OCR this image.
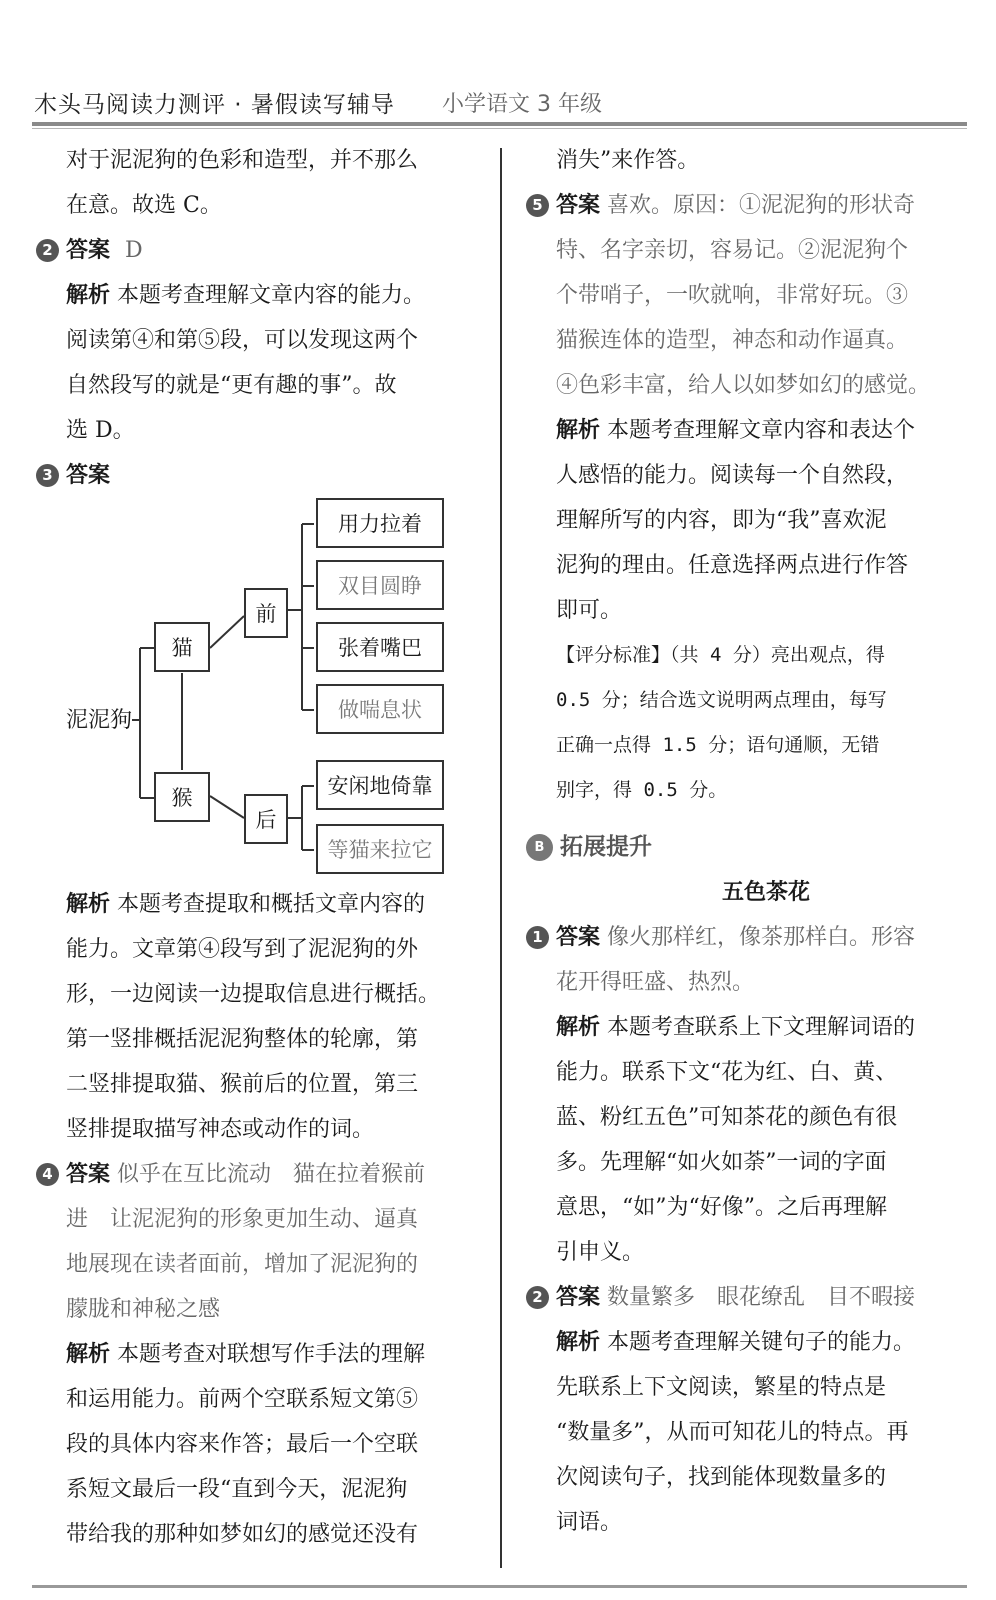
木头马阅读力测评 · 暑假读写辅导 小学语文 3 年级
对于泥泥狗的色彩和造型，并不那么
在意。故选 C。
2 答案 D
解析 本题考查理解文章内容的能力。
阅读第④和第⑤段，可以发现这两个
自然段写的就是“更有趣的事”。故
选 D。
3 答案
泥泥狗
猫
猴
前
后
用力拉着
双目圆睁
张着嘴巴
做喘息状
安闲地倚靠
等猫来拉它
解析 本题考查提取和概括文章内容的
能力。文章第④段写到了泥泥狗的外
形，一边阅读一边提取信息进行概括。
第一竖排概括泥泥狗整体的轮廓，第
二竖排提取猫、猴前后的位置，第三
竖排提取描写神态或动作的词。
4 答案 似乎在互比流动　猫在拉着猴前
进　让泥泥狗的形象更加生动、逼真
地展现在读者面前，增加了泥泥狗的
朦胧和神秘之感
解析 本题考查对联想写作手法的理解
和运用能力。前两个空联系短文第⑤
段的具体内容来作答；最后一个空联
系短文最后一段“直到今天，泥泥狗
带给我的那种如梦如幻的感觉还没有
消失”来作答。
5 答案 喜欢。原因：①泥泥狗的形状奇
特、名字亲切，容易记。②泥泥狗个
个带哨子，一吹就响，非常好玩。③
猫猴连体的造型，神态和动作逼真。
④色彩丰富，给人以如梦如幻的感觉。
解析 本题考查理解文章内容和表达个
人感悟的能力。阅读每一个自然段，
理解所写的内容，即为“我”喜欢泥
泥狗的理由。任意选择两点进行作答
即可。
【评分标准】（共 4 分）亮出观点，得
0.5 分；结合选文说明两点理由，每写
正确一点得 1.5 分；语句通顺，无错
别字，得 0.5 分。
B 拓展提升
五色茶花
1 答案 像火那样红，像茶那样白。形容
花开得旺盛、热烈。
解析 本题考查联系上下文理解词语的
能力。联系下文“花为红、白、黄、
蓝、粉红五色”可知茶花的颜色有很
多。先理解“如火如荼”一词的字面
意思，“如”为“好像”。之后再理解
引申义。
2 答案 数量繁多　眼花缭乱　目不暇接
解析 本题考查理解关键句子的能力。
先联系上下文阅读，繁星的特点是
“数量多”，从而可知花儿的特点。再
次阅读句子，找到能体现数量多的
词语。
